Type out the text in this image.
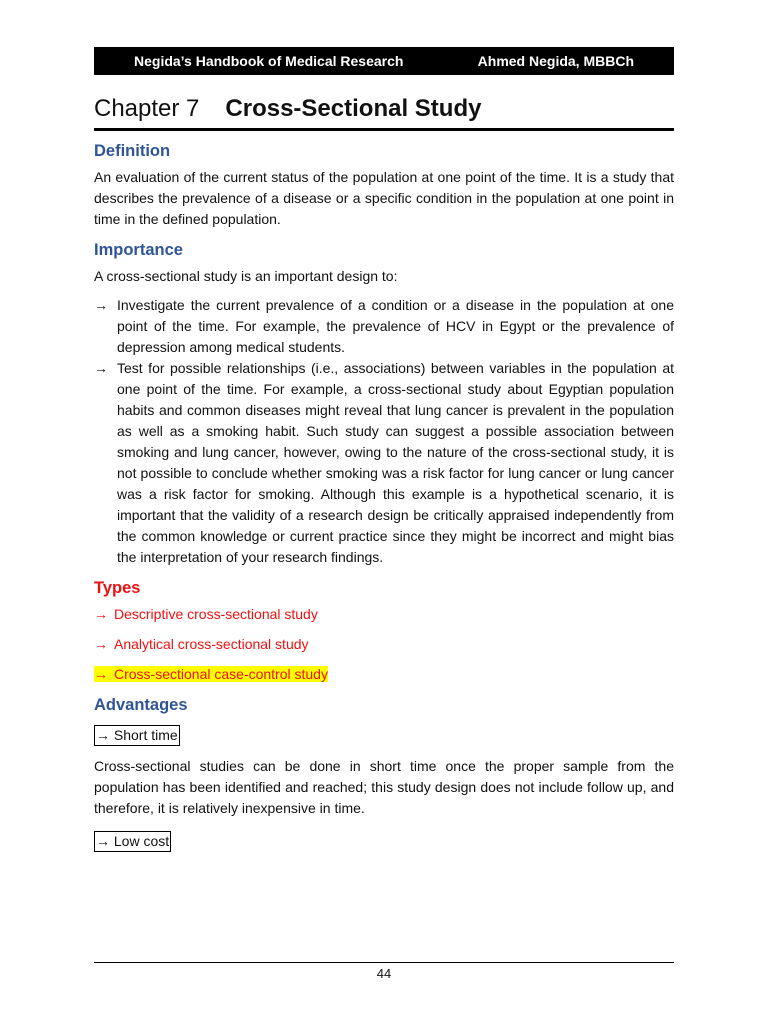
Negida’s Handbook of Medical Research	Ahmed Negida, MBBCh
Chapter 7 Cross-Sectional Study
Definition

An evaluation of the current status of the population at one point of the time. It is a study that describes the prevalence of a disease or a specific condition in the population at one point in time in the defined population.

Importance

A cross-sectional study is an important design to:

→ Investigate the current prevalence of a condition or a disease in the population at one point of the time. For example, the prevalence of HCV in Egypt or the prevalence of depression among medical students.
→ Test for possible relationships (i.e., associations) between variables in the population at one point of the time. For example, a cross-sectional study about Egyptian population habits and common diseases might reveal that lung cancer is prevalent in the population as well as a smoking habit. Such study can suggest a possible association between smoking and lung cancer, however, owing to the nature of the cross-sectional study, it is not possible to conclude whether smoking was a risk factor for lung cancer or lung cancer was a risk factor for smoking. Although this example is a hypothetical scenario, it is important that the validity of a research design be critically appraised independently from the common knowledge or current practice since they might be incorrect and might bias the interpretation of your research findings.
Types
→ Descriptive cross-sectional study
→ Analytical cross-sectional study
→ Cross-sectional case-control study
Advantages
→ Short time

Cross-sectional studies can be done in short time once the proper sample from the population has been identified and reached; this study design does not include follow up, and therefore, it is relatively inexpensive in time.

→ Low cost
44
